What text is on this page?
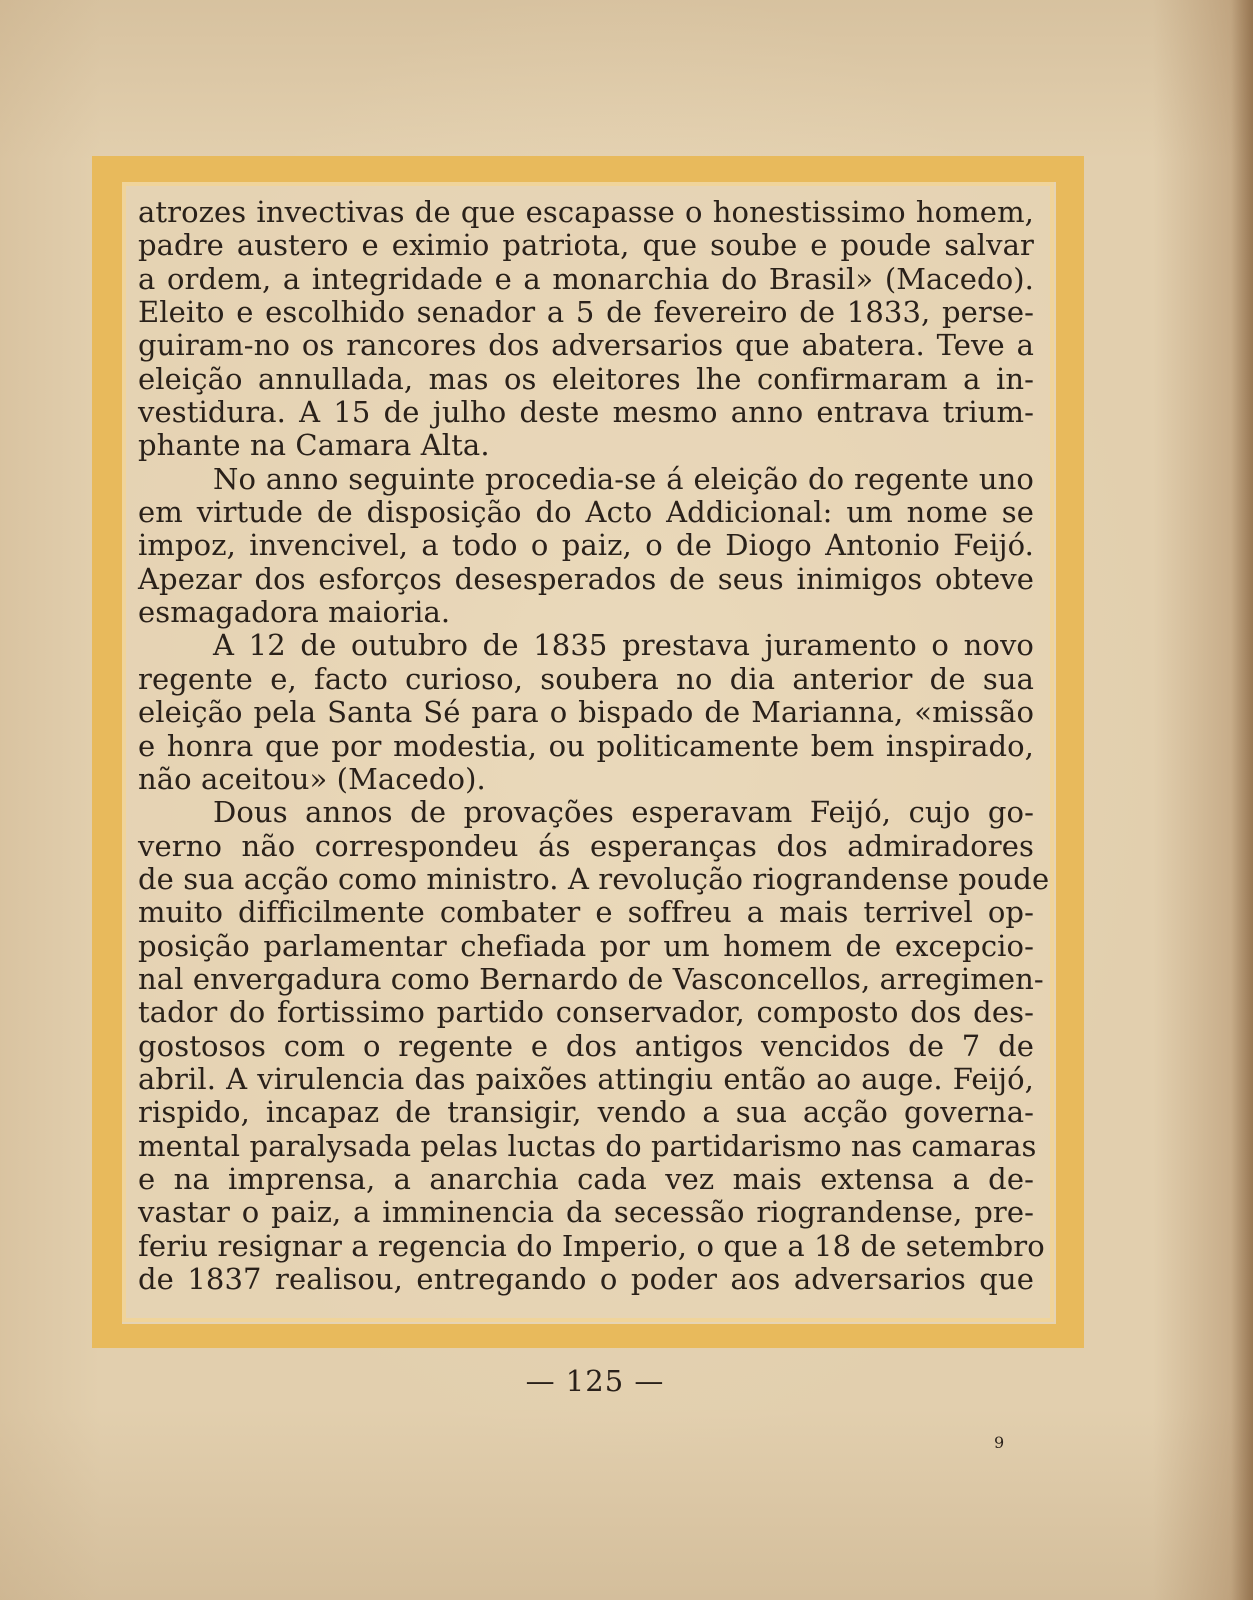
atrozes invectivas de que escapasse o honestissimo homem,
padre austero e eximio patriota, que soube e poude salvar
a ordem, a integridade e a monarchia do Brasil» (Macedo).
Eleito e escolhido senador a 5 de fevereiro de 1833, perse-
guiram-no os rancores dos adversarios que abatera. Teve a
eleição annullada, mas os eleitores lhe confirmaram a in-
vestidura. A 15 de julho deste mesmo anno entrava trium-
phante na Camara Alta.
No anno seguinte procedia-se á eleição do regente uno
em virtude de disposição do Acto Addicional: um nome se
impoz, invencivel, a todo o paiz, o de Diogo Antonio Feijó.
Apezar dos esforços desesperados de seus inimigos obteve
esmagadora maioria.
A 12 de outubro de 1835 prestava juramento o novo
regente e, facto curioso, soubera no dia anterior de sua
eleição pela Santa Sé para o bispado de Marianna, «missão
e honra que por modestia, ou politicamente bem inspirado,
não aceitou» (Macedo).
Dous annos de provações esperavam Feijó, cujo go-
verno não correspondeu ás esperanças dos admiradores
de sua acção como ministro. A revolução riograndense poude
muito difficilmente combater e soffreu a mais terrivel op-
posição parlamentar chefiada por um homem de excepcio-
nal envergadura como Bernardo de Vasconcellos, arregimen-
tador do fortissimo partido conservador, composto dos des-
gostosos com o regente e dos antigos vencidos de 7 de
abril. A virulencia das paixões attingiu então ao auge. Feijó,
rispido, incapaz de transigir, vendo a sua acção governa-
mental paralysada pelas luctas do partidarismo nas camaras
e na imprensa, a anarchia cada vez mais extensa a de-
vastar o paiz, a imminencia da secessão riograndense, pre-
feriu resignar a regencia do Imperio, o que a 18 de setembro
de 1837 realisou, entregando o poder aos adversarios que
— 125 —
9
